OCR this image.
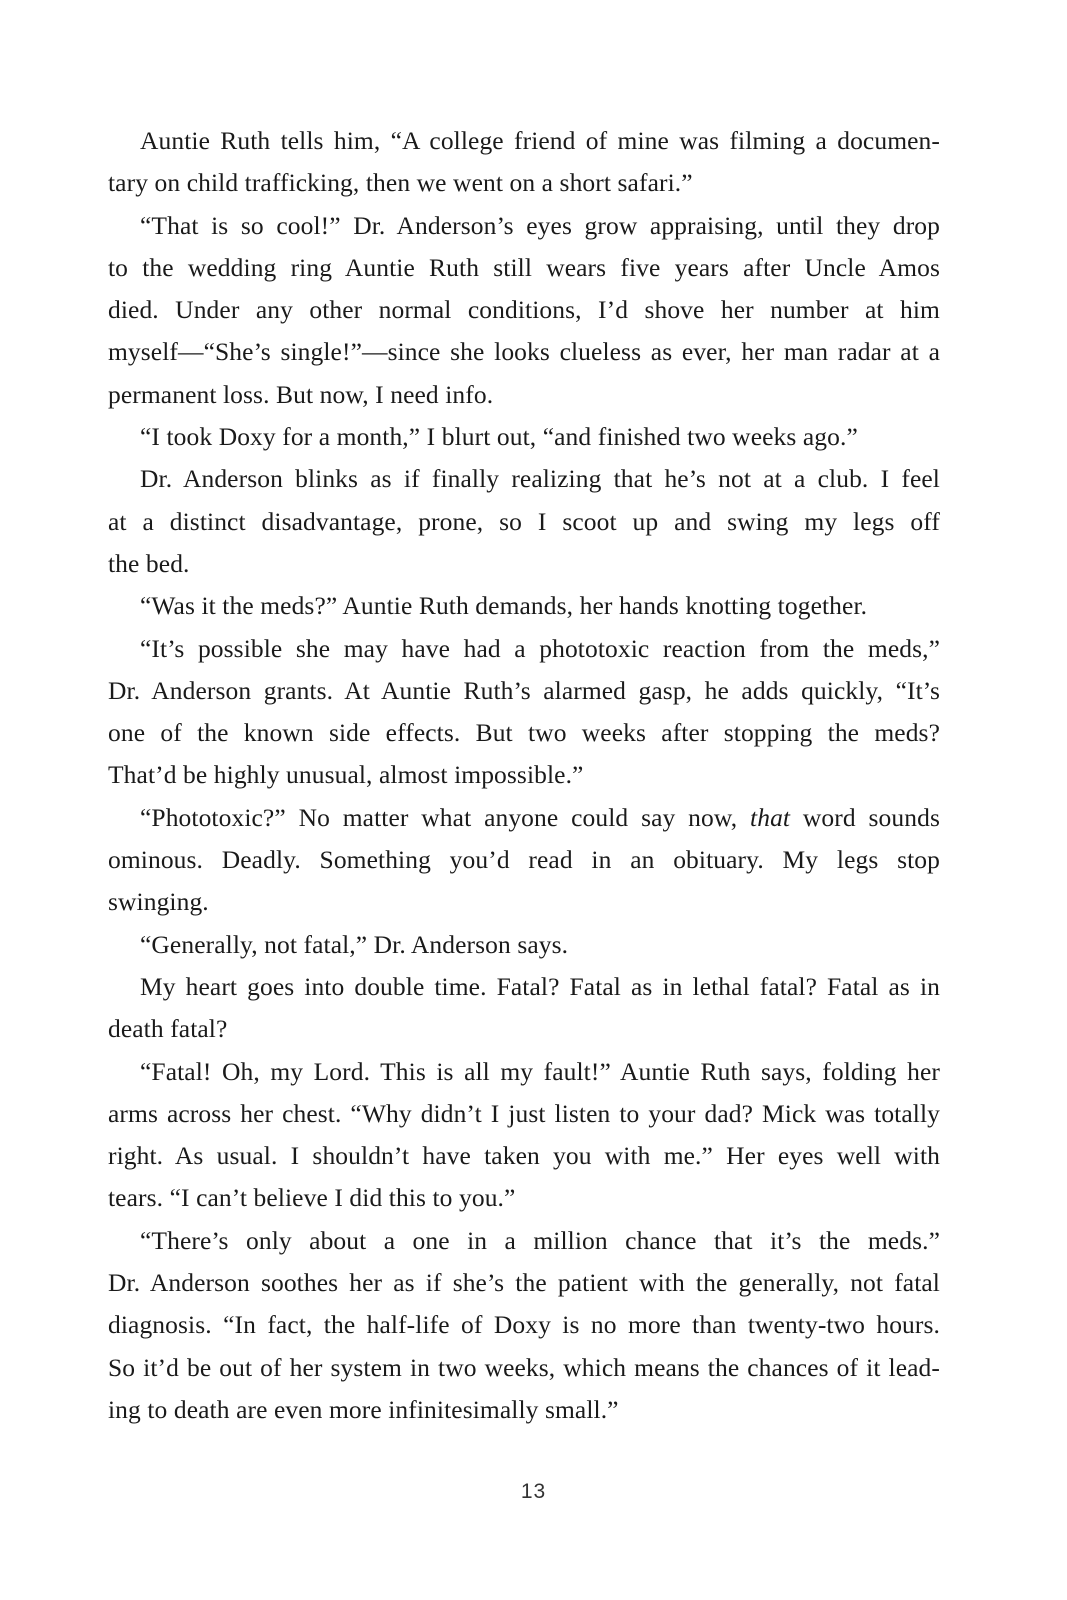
Auntie Ruth tells him, “A college friend of mine was filming a documen-
tary on child trafficking, then we went on a short safari.”
“That is so cool!” Dr. Anderson’s eyes grow appraising, until they drop
to the wedding ring Auntie Ruth still wears five years after Uncle Amos
died. Under any other normal conditions, I’d shove her number at him
myself—“She’s single!”—since she looks clueless as ever, her man radar at a
permanent loss. But now, I need info.
“I took Doxy for a month,” I blurt out, “and finished two weeks ago.”
Dr. Anderson blinks as if finally realizing that he’s not at a club. I feel
at a distinct disadvantage, prone, so I scoot up and swing my legs off
the bed.
“Was it the meds?” Auntie Ruth demands, her hands knotting together.
“It’s possible she may have had a phototoxic reaction from the meds,”
Dr. Anderson grants. At Auntie Ruth’s alarmed gasp, he adds quickly, “It’s
one of the known side effects. But two weeks after stopping the meds?
That’d be highly unusual, almost impossible.”
“Phototoxic?” No matter what anyone could say now, that word sounds
ominous. Deadly. Something you’d read in an obituary. My legs stop
swinging.
“Generally, not fatal,” Dr. Anderson says.
My heart goes into double time. Fatal? Fatal as in lethal fatal? Fatal as in
death fatal?
“Fatal! Oh, my Lord. This is all my fault!” Auntie Ruth says, folding her
arms across her chest. “Why didn’t I just listen to your dad? Mick was totally
right. As usual. I shouldn’t have taken you with me.” Her eyes well with
tears. “I can’t believe I did this to you.”
“There’s only about a one in a million chance that it’s the meds.”
Dr. Anderson soothes her as if she’s the patient with the generally, not fatal
diagnosis. “In fact, the half-life of Doxy is no more than twenty-two hours.
So it’d be out of her system in two weeks, which means the chances of it lead-
ing to death are even more infinitesimally small.”
13
